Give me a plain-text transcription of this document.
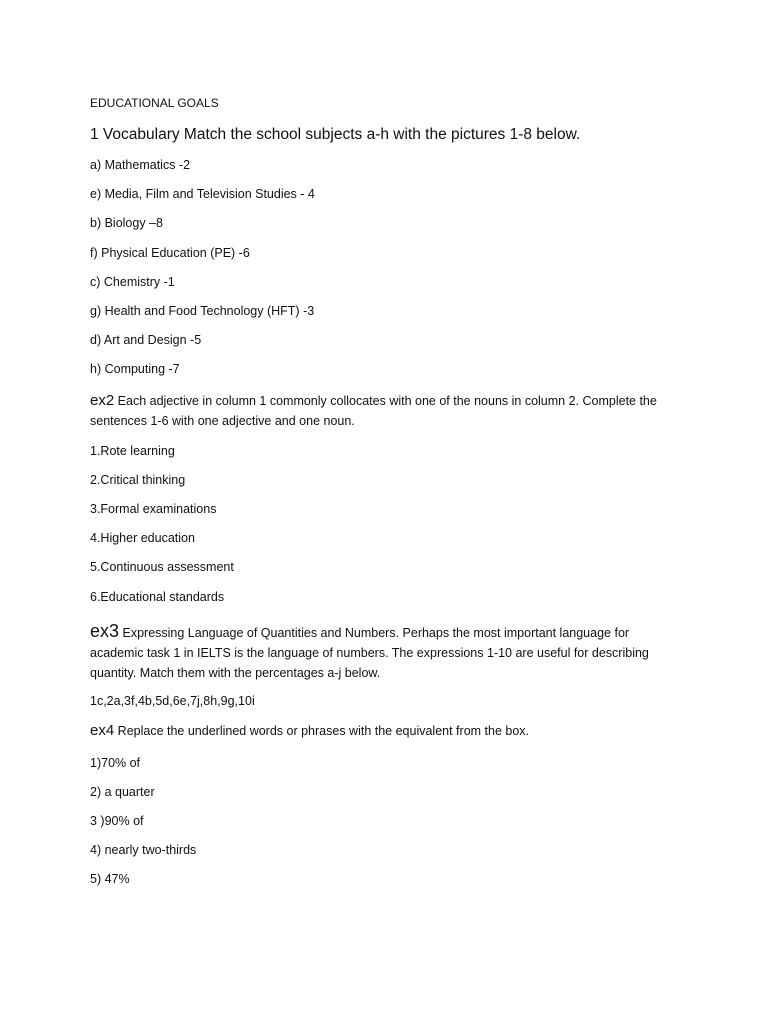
EDUCATIONAL GOALS
1 Vocabulary Match the school subjects a-h with the pictures 1-8 below.
a) Mathematics -2
e) Media, Film and Television Studies - 4
b) Biology –8
f) Physical Education (PE) -6
c) Chemistry -1
g) Health and Food Technology (HFT) -3
d) Art and Design -5
h) Computing -7
ex2 Each adjective in column 1 commonly collocates with one of the nouns in column 2. Complete the
sentences 1-6 with one adjective and one noun.
1.Rote learning
2.Critical thinking
3.Formal examinations
4.Higher education
5.Continuous assessment
6.Educational standards
ex3 Expressing Language of Quantities and Numbers. Perhaps the most important language for
academic task 1 in IELTS is the language of numbers. The expressions 1-10 are useful for describing
quantity. Match them with the percentages a-j below.
1c,2a,3f,4b,5d,6e,7j,8h,9g,10i
ex4 Replace the underlined words or phrases with the equivalent from the box.
1)70% of
2) a quarter
3 )90% of
4) nearly two-thirds
5) 47%
